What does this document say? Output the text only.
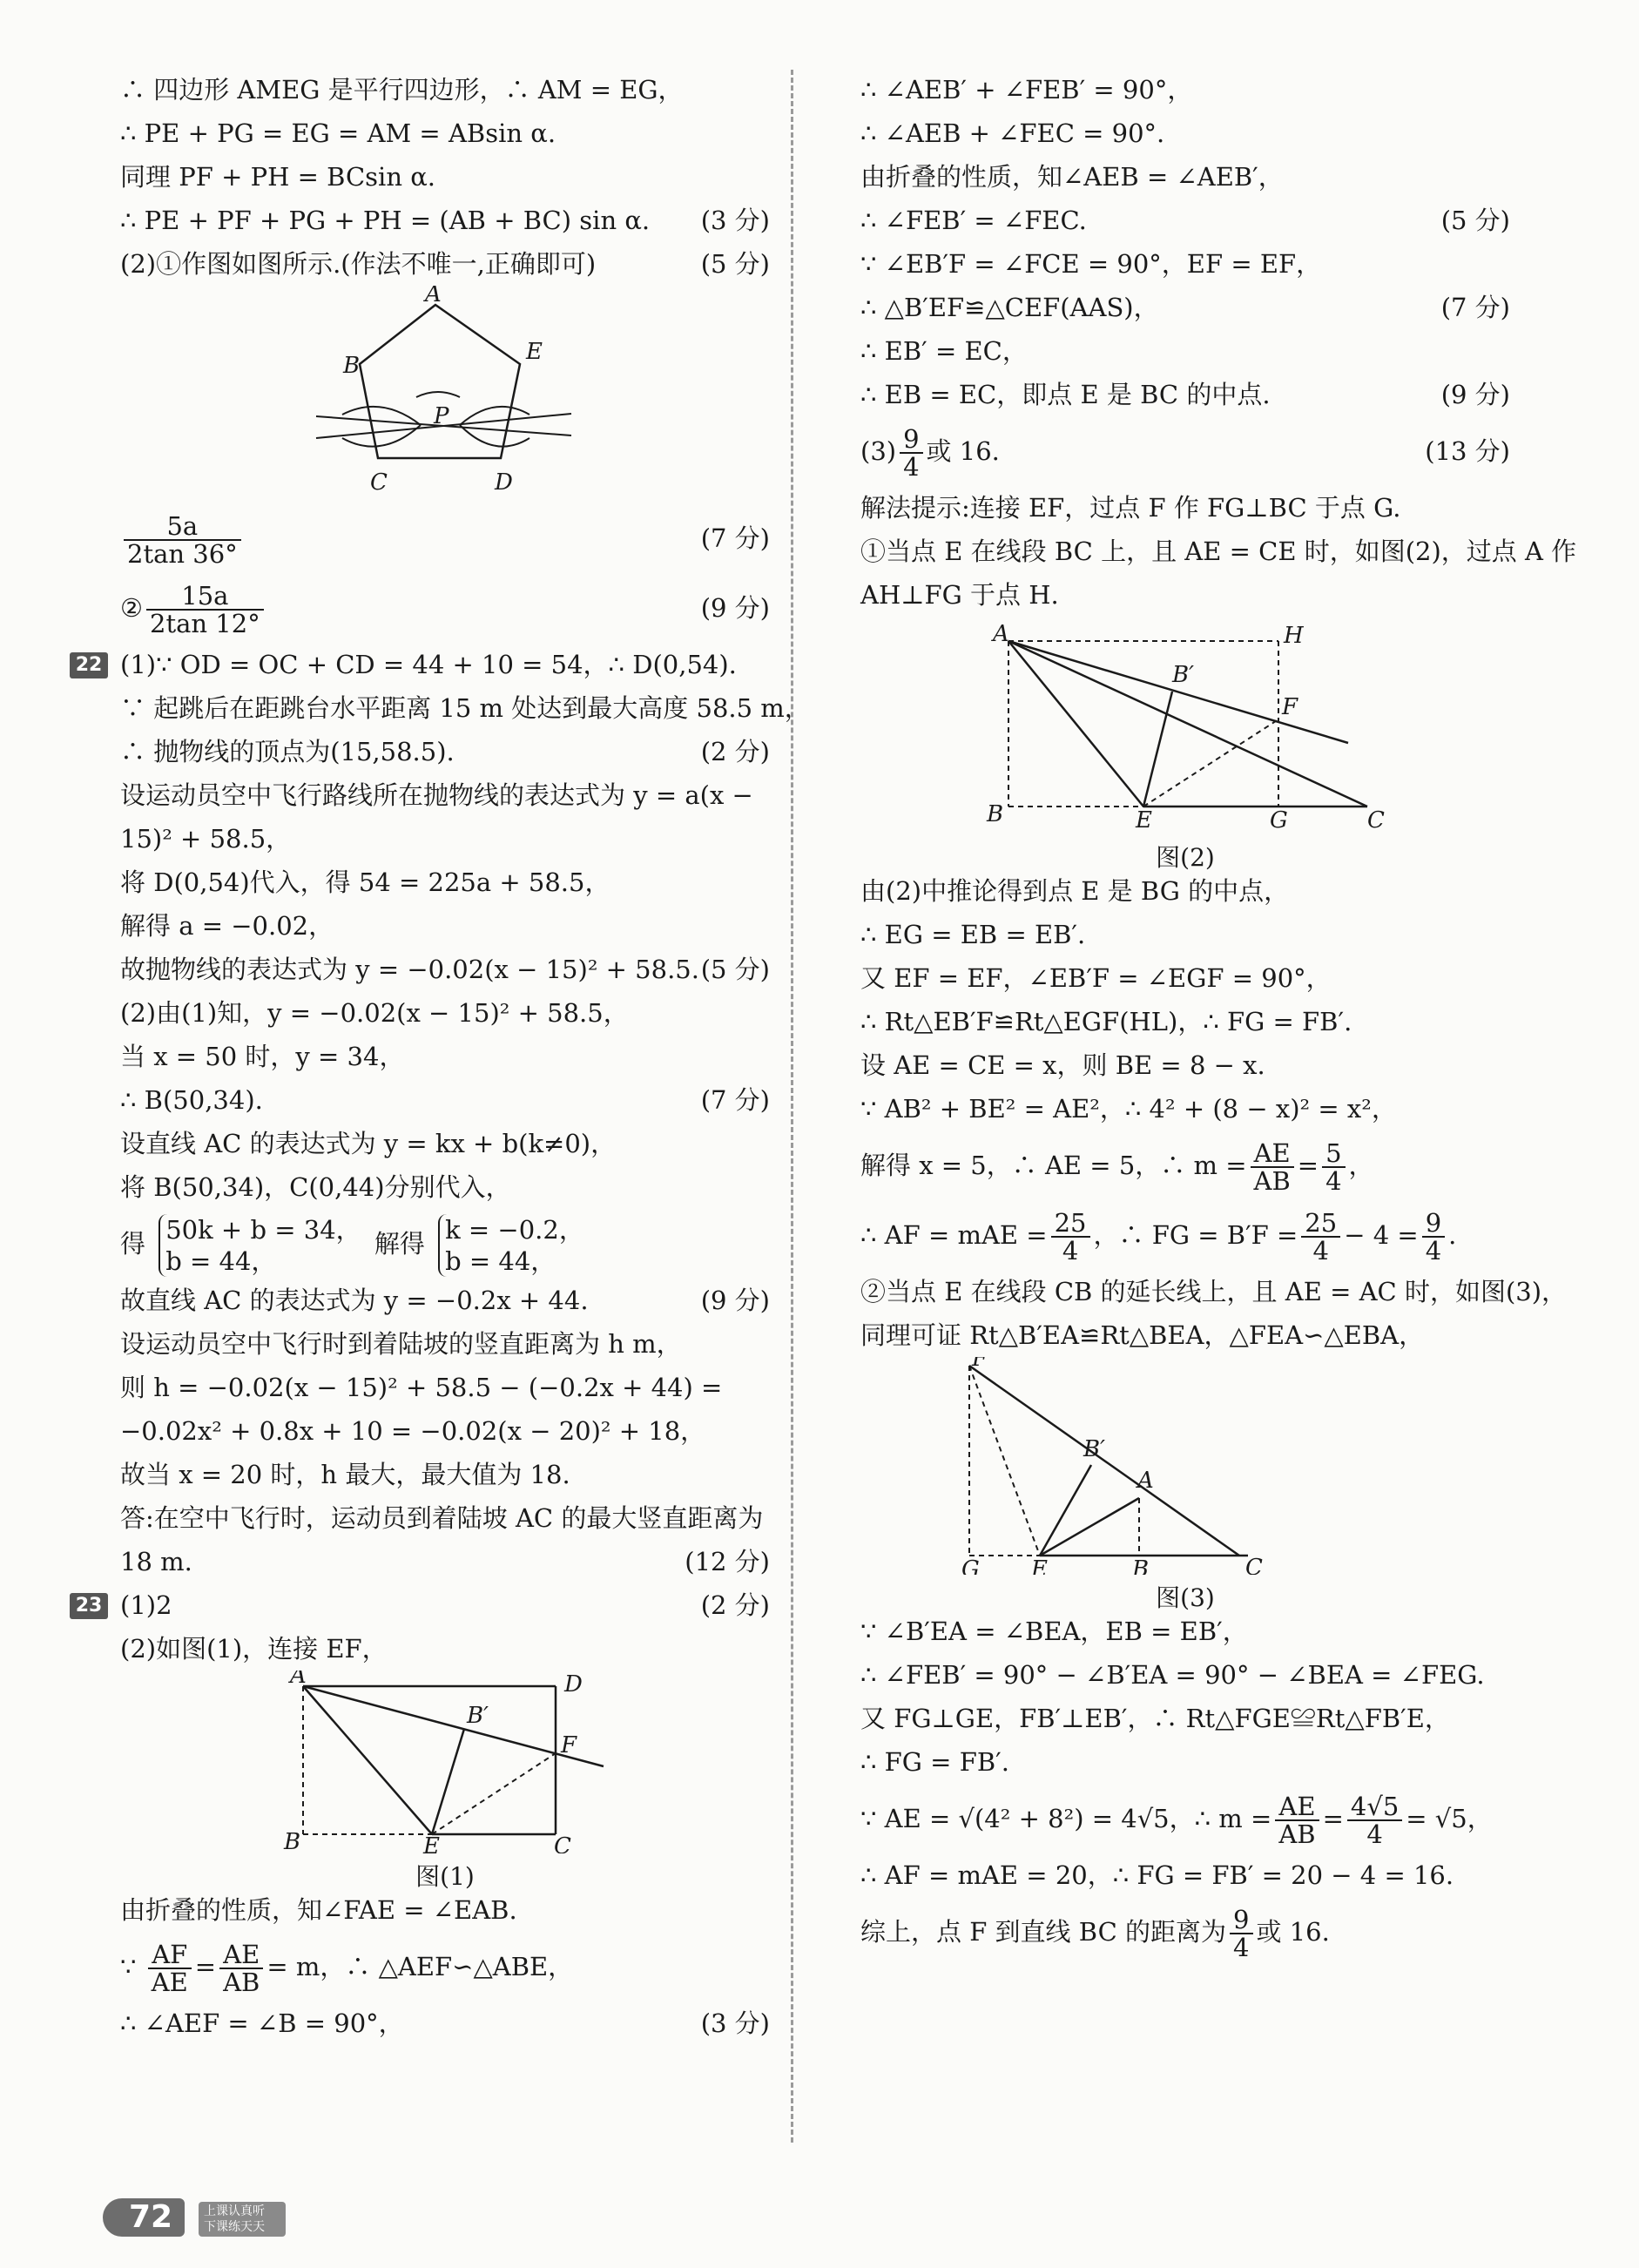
∴ 四边形 AMEG 是平行四边形，∴ AM = EG，
∴ PE + PG = EG = AM = ABsin α.
同理 PF + PH = BCsin α.
∴ PE + PF + PG + PH = (AB + BC) sin α. (3 分)
(2)①作图如图所示.(作法不唯一,正确即可)	(5 分)
A
B
E
P
C	D
$\frac{5a}{2\tan 36^\circ}$	(7 分)
② $\frac{15a}{2\tan 12^\circ}$	(9 分)
22 (1)∵ OD = OC + CD = 44 + 10 = 54，∴ D(0,54).
∵ 起跳后在距跳台水平距离 15 m 处达到最大高度 58.5 m，
∴ 抛物线的顶点为(15,58.5).	(2 分)
设运动员空中飞行路线所在抛物线的表达式为 y = a(x −
15)² + 58.5，
将 D(0,54)代入，得 54 = 225a + 58.5，
解得 a = −0.02，
故抛物线的表达式为 y = −0.02(x − 15)² + 58.5. (5 分)
(2)由(1)知，y = −0.02(x − 15)² + 58.5，
当 x = 50 时，y = 34，
∴ B(50,34).	(7 分)
设直线 AC 的表达式为 y = kx + b(k≠0)，
将 B(50,34)，C(0,44)分别代入，
得 50k + b = 34，
b = 44，
解得 k = −0.2，
b = 44，
故直线 AC 的表达式为 y = −0.2x + 44.	(9 分)
设运动员空中飞行时到着陆坡的竖直距离为 h m，
则 h = −0.02(x − 15)² + 58.5 − (−0.2x + 44) =
−0.02x² + 0.8x + 10 = −0.02(x − 20)² + 18，
故当 x = 20 时，h 最大，最大值为 18.
答:在空中飞行时，运动员到着陆坡 AC 的最大竖直距离为
18 m.	(12 分)
23 (1)2	(2 分)
(2)如图(1)，连接 EF，
A	D
B′
F
B	E	C
图(1)
由折叠的性质，知∠FAE = ∠EAB.
∵ $\frac{AF}{AE} = \frac{AE}{AB} = m$，∴ △AEF∽△ABE，
∴ ∠AEF = ∠B = 90°，	(3 分)
∴ ∠AEB′ + ∠FEB′ = 90°，
∴ ∠AEB + ∠FEC = 90°.
由折叠的性质，知∠AEB = ∠AEB′，
∴ ∠FEB′ = ∠FEC.	(5 分)
∵ ∠EB′F = ∠FCE = 90°，EF = EF，
∴ △B′EF≌△CEF(AAS)，	(7 分)
∴ EB′ = EC，
∴ EB = EC，即点 E 是 BC 的中点.	(9 分)
$(3) \frac{9}{4}$ 或 16.	(13 分)
解法提示:连接 EF，过点 F 作 FG⊥BC 于点 G.
①当点 E 在线段 BC 上，且 AE = CE 时，如图(2)，过点 A 作
AH⊥FG 于点 H.
A	H
B′
F
B	E	G	C
图(2)
由(2)中推论得到点 E 是 BG 的中点，
∴ EG = EB = EB′.
又 EF = EF，∠EB′F = ∠EGF = 90°，
∴ Rt△EB′F≌Rt△EGF(HL)，∴ FG = FB′.
设 AE = CE = x，则 BE = 8 − x.
∵ AB² + BE² = AE²，∴ 4² + (8 − x)² = x²，
解得 x = 5，∴ AE = 5，∴ $m = \frac{AE}{AB} = \frac{5}{4}$ ，
∴ AF = mAE = $\frac{25}{4}$ ，∴ FG = $B'F = \frac{25}{4} - 4 = \frac{9}{4}$ .
②当点 E 在线段 CB 的延长线上，且 AE = AC 时，如图(3)，
同理可证 Rt△B′EA≌Rt△BEA，△FEA∽△EBA，
F
B′
A
G E	B	C
图(3)
∵ ∠B′EA = ∠BEA，EB = EB′，
∴ ∠FEB′ = 90° − ∠B′EA = 90° − ∠BEA = ∠FEG.
又 FG⊥GE，FB′⊥EB′，∴ Rt△FGE≌Rt△FB′E，
∴ FG = FB′.
∵ AE = √(4² + 8²) = 4√5，∴ $m = \frac{AE}{AB} = \frac{4√5}{4} = √5$，
∴ AF = mAE = 20，∴ FG = FB′ = 20 − 4 = 16.
综上，点 F 到直线 BC 的距离为 $\frac{9}{4}$ 或 16.
72	上课认真听 下课练天天
